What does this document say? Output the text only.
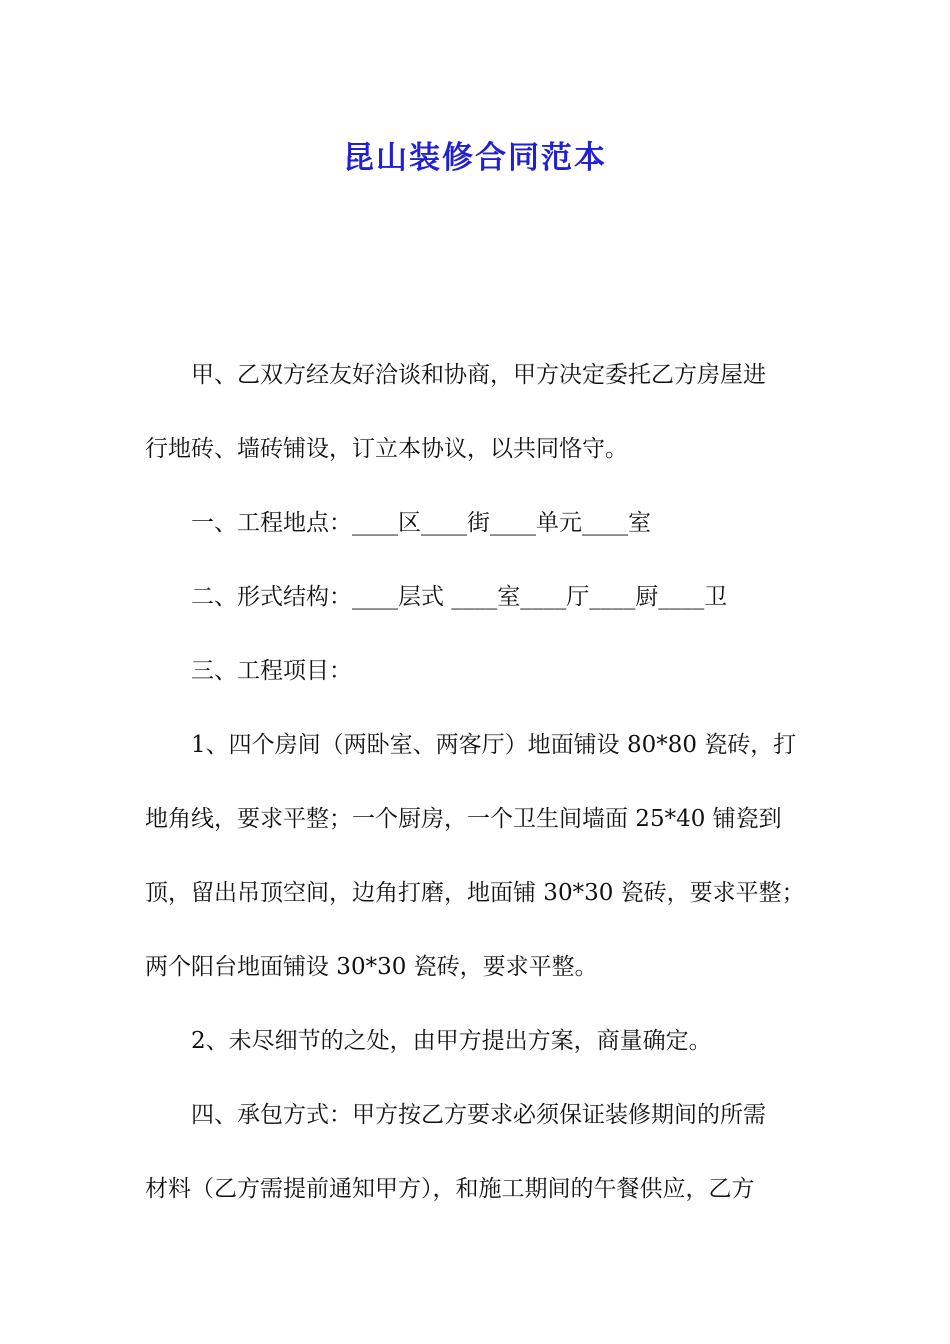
昆山装修合同范本
甲、乙双方经友好洽谈和协商，甲方决定委托乙方房屋进
行地砖、墙砖铺设，订立本协议，以共同恪守。
一、工程地点：____区____街____单元____室
二、形式结构：____层式 ____室____厅____厨____卫
三、工程项目：
1、四个房间（两卧室、两客厅）地面铺设 80*80 瓷砖，打
地角线，要求平整；一个厨房，一个卫生间墙面 25*40 铺瓷到
顶，留出吊顶空间，边角打磨，地面铺 30*30 瓷砖，要求平整；
两个阳台地面铺设 30*30 瓷砖，要求平整。
2、未尽细节的之处，由甲方提出方案，商量确定。
四、承包方式：甲方按乙方要求必须保证装修期间的所需
材料（乙方需提前通知甲方），和施工期间的午餐供应，乙方
